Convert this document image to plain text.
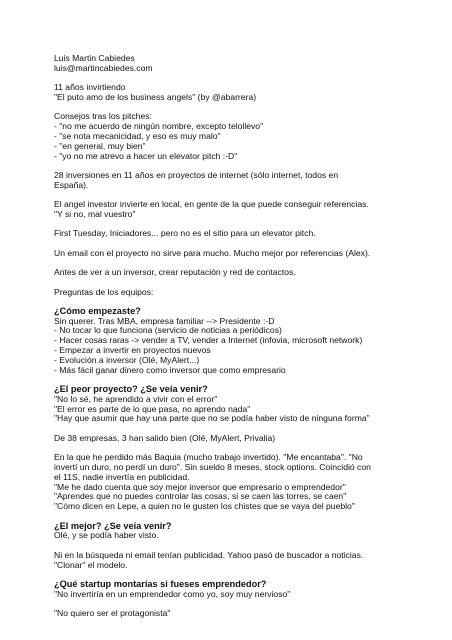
Luis Martin Cabiedes
luis@martincabiedes.com
11 años invirtiendo
"El puto amo de los business angels" (by @abarrera)
Consejos tras los pitches:
- "no me acuerdo de ningún nombre, excepto telollevo"
- "se nota mecanicidad, y eso es muy malo"
- "en general, muy bien"
- "yo no me atrevo a hacer un elevator pitch :-D"
28 inversiones en 11 años en proyectos de internet (sólo internet, todos en España).
El angel investor invierte en local, en gente de la que puede conseguir referencias.
"Y si no, mal vuestro"
First Tuesday, Iniciadores... pero no es el sitio para un elevator pitch.
Un email con el proyecto no sirve para mucho. Mucho mejor por referencias (Alex).
Antes de ver a un inversor, crear reputación y red de contactos.
Preguntas de los equipos:
¿Cómo empezaste?
Sin querer. Tras MBA, empresa familiar --> Presidente :-D
- No tocar lo que funciona (servicio de noticias a periódicos)
- Hacer cosas raras -> vender a TV, vender a Internet (infovia, microsoft network)
- Empezar a invertir en proyectos nuevos
- Evolución a inversor (Olé, MyAlert...)
- Más fácil ganar dinero como inversor que como empresario
¿El peor proyecto? ¿Se veía venir?
"No lo sé, he aprendido a vivir con el error"
"El error es parte de lo que pasa, no aprendo nada"
"Hay que asumir que hay una parte que no se podía haber visto de ninguna forma"
De 38 empresas, 3 han salido bien (Olé, MyAlert, Privalia)
En la que he perdido más Baquia (mucho trabajo invertido). "Me encantaba". "No
invertí un duro, no perdí un duro". Sin sueldo 8 meses, stock options. Coincidió con
el 11S, nadie invertía en publicidad.
"Me he dado cuenta que soy mejor inversor que empresario o emprendedor"
"Aprendes que no puedes controlar las cosas, si se caen las torres, se caen"
"Cómo dicen en Lepe, a quien no le gusten los chistes que se vaya del pueblo"
¿El mejor? ¿Se veía venir?
Olé, y se podía haber visto.
Ni en la búsqueda ni email tenían publicidad. Yahoo pasó de buscador a noticias.
"Clonar" el modelo.
¿Qué startup montarías si fueses emprendedor?
"No invertiría en un emprendedor como yo, soy muy nervioso"
"No quiero ser el protagonista"
